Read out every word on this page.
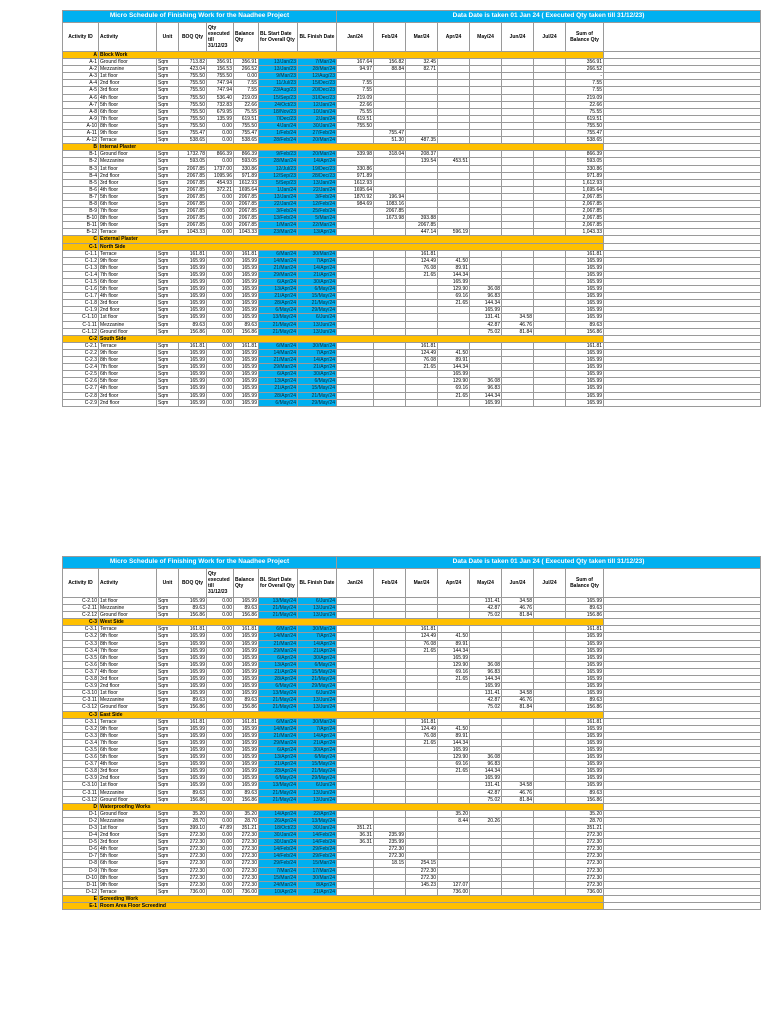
Micro Schedule of Finishing Work for the Naadhee Project								Data Date is taken 01 Jan 24 ( Executed Qty taken till 31/12/23)								
Activity ID	Activity	Unit	BOQ Qty	Qty executed till 31/12/23	Balance Qty	BL Start Date for Overall Qty	BL Finish Date	Jan/24	Feb/24	Mar/24	Apr/24	May/24	Jun/24	Jul/24	Sum of Balance Qty	
A	Block Work															
A-1	Ground floor	Sqm	713.82	356.91	356.91	13/Jan/23	7/Mar/24	167.64	156.82	32.45					356.91	
A-2	Mezzanine	Sqm	423.04	156.53	266.52	13/Jan/23	28/Mar/24	94.97	88.84	82.71					266.52	
A-3	1st floor	Sqm	755.50	755.50	0.00	9/Mar/23	12/Aug/23								-	
A-4	2nd floor	Sqm	755.50	747.94	7.55	11/Jul/23	15/Dec/23	7.55							7.55	
A-5	3rd floor	Sqm	755.50	747.94	7.55	23/Aug/23	20/Dec/23	7.55							7.55	
A-6	4th floor	Sqm	755.50	536.40	219.09	15/Sep/23	31/Dec/23	219.09							219.09	
A-7	5th floor	Sqm	755.50	732.83	22.66	24/Oct/23	12/Jan/24	22.66							22.66	
A-8	6th floor	Sqm	755.50	679.95	75.55	18/Nov/23	10/Jan/24	75.55							75.55	
A-9	7th floor	Sqm	755.50	135.99	619.51	7/Dec/23	2/Jan/24	619.51							619.51	
A-10	8th floor	Sqm	755.50	0.00	755.50	4/Jan/24	30/Jan/24	755.50							755.50	
A-11	9th floor	Sqm	755.47	0.00	755.47	1/Feb/24	27/Feb/24		755.47						755.47	
A-12	Terrace	Sqm	538.65	0.00	538.65	28/Feb/24	20/Mar/24		51.30	487.35					538.65	
B	Internal Plaster															
B-1	Ground floor	Sqm	1732.78	866.39	866.39	9/Feb/23	20/Mar/24	339.98	318.04	208.37					866.39	
B-2	Mezzanine	Sqm	593.05	0.00	593.05	28/Mar/24	14/Apr/24			139.54	453.51				593.05	
B-3	1st floor	Sqm	2067.85	1737.00	330.86	12/Jul/23	19/Dec/23	330.86							330.86	
B-4	2nd floor	Sqm	2067.85	1095.96	971.89	12/Sep/23	28/Dec/23	971.89							971.89	
B-5	3rd floor	Sqm	2067.85	454.93	1612.93	5/Sep/23	13/Jan/24	1612.93							1,612.93	
B-6	4th floor	Sqm	2067.85	372.21	1695.64	1/Jan/24	22/Jan/24	1695.64							1,695.64	
B-7	5th floor	Sqm	2067.85	0.00	2067.85	13/Jan/24	3/Feb/24	1870.92	196.94						2,067.85	
B-8	6th floor	Sqm	2067.85	0.00	2067.85	22/Jan/24	12/Feb/24	984.69	1083.16						2,067.85	
B-9	7th floor	Sqm	2067.85	0.00	2067.85	3/Feb/24	25/Feb/24		2067.85						2,067.85	
B-10	8th floor	Sqm	2067.85	0.00	2067.85	13/Feb/24	5/Mar/24		1673.98	393.88					2,067.85	
B-11	9th floor	Sqm	2067.85	0.00	2067.85	1/Mar/24	22/Mar/24			2067.85					2,067.85	
B-12	Terrace	Sqm	1043.33	0.00	1043.33	23/Mar/24	13/Apr/24			447.14	596.19				1,043.33	
C	External Plaster															
C-1	North Side															
C-1.1	Terrace	Sqm	161.81	0.00	161.81	6/Mar/24	30/Mar/24			161.81					161.81	
C-1.2	9th floor	Sqm	165.99	0.00	165.99	14/Mar/24	7/Apr/24			124.49	41.50				165.99	
C-1.3	8th floor	Sqm	165.99	0.00	165.99	21/Mar/24	14/Apr/24			76.08	89.91				165.99	
C-1.4	7th floor	Sqm	165.99	0.00	165.99	29/Mar/24	21/Apr/24			21.65	144.34				165.99	
C-1.5	6th floor	Sqm	165.99	0.00	165.99	6/Apr/24	30/Apr/24				165.99				165.99	
C-1.6	5th floor	Sqm	165.99	0.00	165.99	13/Apr/24	6/May/24				129.90	36.08			165.99	
C-1.7	4th floor	Sqm	165.99	0.00	165.99	21/Apr/24	15/May/24				69.16	96.83			165.99	
C-1.8	3rd floor	Sqm	165.99	0.00	165.99	28/Apr/24	21/May/24				21.65	144.34			165.99	
C-1.9	2nd floor	Sqm	165.99	0.00	165.99	6/May/24	29/May/24					165.99			165.99	
C-1.10	1st floor	Sqm	165.99	0.00	165.99	13/May/24	6/Jun/24					131.41	34.58		165.99	
C-1.11	Mezzanine	Sqm	89.63	0.00	89.63	21/May/24	13/Jun/24					42.87	46.76		89.63	
C-1.12	Ground floor	Sqm	156.86	0.00	156.86	21/May/24	13/Jun/24					75.02	81.84		156.86	
C-2	South Side															
C-2.1	Terrace	Sqm	161.81	0.00	161.81	6/Mar/24	30/Mar/24			161.81					161.81	
C-2.2	9th floor	Sqm	165.99	0.00	165.99	14/Mar/24	7/Apr/24			124.49	41.50				165.99	
C-2.3	8th floor	Sqm	165.99	0.00	165.99	21/Mar/24	14/Apr/24			76.08	89.91				165.99	
C-2.4	7th floor	Sqm	165.99	0.00	165.99	29/Mar/24	21/Apr/24			21.65	144.34				165.99	
C-2.5	6th floor	Sqm	165.99	0.00	165.99	6/Apr/24	30/Apr/24				165.99				165.99	
C-2.6	5th floor	Sqm	165.99	0.00	165.99	13/Apr/24	6/May/24				129.90	36.08			165.99	
C-2.7	4th floor	Sqm	165.99	0.00	165.99	21/Apr/24	15/May/24				69.16	96.83			165.99	
C-2.8	3rd floor	Sqm	165.99	0.00	165.99	28/Apr/24	21/May/24				21.65	144.34			165.99	
C-2.9	2nd floor	Sqm	165.99	0.00	165.99	6/May/24	29/May/24					165.99			165.99	
Micro Schedule of Finishing Work for the Naadhee Project								Data Date is taken 01 Jan 24 ( Executed Qty taken till 31/12/23)								
Activity ID	Activity	Unit	BOQ Qty	Qty executed till 31/12/23	Balance Qty	BL Start Date for Overall Qty	BL Finish Date	Jan/24	Feb/24	Mar/24	Apr/24	May/24	Jun/24	Jul/24	Sum of Balance Qty	
C-2.10	1st floor	Sqm	165.99	0.00	165.99	13/May/24	6/Jun/24					131.41	34.58		165.99	
C-2.11	Mezzanine	Sqm	89.63	0.00	89.63	21/May/24	13/Jun/24					42.87	46.76		89.63	
C-2.12	Ground floor	Sqm	156.86	0.00	156.86	21/May/24	13/Jun/24					75.02	81.84		156.86	
C-3	West Side															
C-3.1	Terrace	Sqm	161.81	0.00	161.81	6/Mar/24	30/Mar/24			161.81					161.81	
C-3.2	9th floor	Sqm	165.99	0.00	165.99	14/Mar/24	7/Apr/24			124.49	41.50				165.99	
C-3.3	8th floor	Sqm	165.99	0.00	165.99	21/Mar/24	14/Apr/24			76.08	89.91				165.99	
C-3.4	7th floor	Sqm	165.99	0.00	165.99	29/Mar/24	21/Apr/24			21.65	144.34				165.99	
C-3.5	6th floor	Sqm	165.99	0.00	165.99	6/Apr/24	30/Apr/24				165.99				165.99	
C-3.6	5th floor	Sqm	165.99	0.00	165.99	13/Apr/24	6/May/24				129.90	36.08			165.99	
C-3.7	4th floor	Sqm	165.99	0.00	165.99	21/Apr/24	15/May/24				69.16	96.83			165.99	
C-3.8	3rd floor	Sqm	165.99	0.00	165.99	28/Apr/24	21/May/24				21.65	144.34			165.99	
C-3.9	2nd floor	Sqm	165.99	0.00	165.99	6/May/24	29/May/24					165.99			165.99	
C-3.10	1st floor	Sqm	165.99	0.00	165.99	13/May/24	6/Jun/24					131.41	34.58		165.99	
C-3.11	Mezzanine	Sqm	89.63	0.00	89.63	21/May/24	13/Jun/24					42.87	46.76		89.63	
C-3.12	Ground floor	Sqm	156.86	0.00	156.86	21/May/24	13/Jun/24					75.02	81.84		156.86	
C-3	East Side															
C-3.1	Terrace	Sqm	161.81	0.00	161.81	6/Mar/24	30/Mar/24			161.81					161.81	
C-3.2	9th floor	Sqm	165.99	0.00	165.99	14/Mar/24	7/Apr/24			124.49	41.50				165.99	
C-3.3	8th floor	Sqm	165.99	0.00	165.99	21/Mar/24	14/Apr/24			76.08	89.91				165.99	
C-3.4	7th floor	Sqm	165.99	0.00	165.99	29/Mar/24	21/Apr/24			21.65	144.34				165.99	
C-3.5	6th floor	Sqm	165.99	0.00	165.99	6/Apr/24	30/Apr/24				165.99				165.99	
C-3.6	5th floor	Sqm	165.99	0.00	165.99	13/Apr/24	6/May/24				129.90	36.08			165.99	
C-3.7	4th floor	Sqm	165.99	0.00	165.99	21/Apr/24	15/May/24				69.16	96.83			165.99	
C-3.8	3rd floor	Sqm	165.99	0.00	165.99	28/Apr/24	21/May/24				21.65	144.34			165.99	
C-3.9	2nd floor	Sqm	165.99	0.00	165.99	6/May/24	29/May/24					165.99			165.99	
C-3.10	1st floor	Sqm	165.99	0.00	165.99	13/May/24	6/Jun/24					131.41	34.58		165.99	
C-3.11	Mezzanine	Sqm	89.63	0.00	89.63	21/May/24	13/Jun/24					42.87	46.76		89.63	
C-3.12	Ground floor	Sqm	156.86	0.00	156.86	21/May/24	13/Jun/24					75.02	81.84		156.86	
D	Waterproofing Works															
D-1	Ground floor	Sqm	35.20	0.00	35.20	14/Apr/24	22/Apr/24				35.20				35.20	
D-2	Mezzanine	Sqm	28.70	0.00	28.70	26/Apr/24	13/May/24				8.44	20.26			28.70	
D-3	1st floor	Sqm	399.10	47.89	351.21	18/Oct/23	30/Jan/24	351.21							351.21	
D-4	2nd floor	Sqm	272.30	0.00	272.30	30/Jan/24	14/Feb/24	36.31	235.99						272.30	
D-5	3rd floor	Sqm	272.30	0.00	272.30	30/Jan/24	14/Feb/24	36.31	235.99						272.30	
D-6	4th floor	Sqm	272.30	0.00	272.30	14/Feb/24	29/Feb/24		272.30						272.30	
D-7	5th floor	Sqm	272.30	0.00	272.30	14/Feb/24	29/Feb/24		272.30						272.30	
D-8	6th floor	Sqm	272.30	0.00	272.30	29/Feb/24	15/Mar/24		18.15	254.15					272.30	
D-9	7th floor	Sqm	272.30	0.00	272.30	7/Mar/24	17/Mar/24			272.30					272.30	
D-10	8th floor	Sqm	272.30	0.00	272.30	15/Mar/24	30/Mar/24			272.30					272.30	
D-11	9th floor	Sqm	272.30	0.00	272.30	24/Mar/24	8/Apr/24			145.23	127.07				272.30	
D-12	Terrace	Sqm	736.00	0.00	736.00	10/Apr/24	21/Apr/24				736.00				736.00	
E	Screeding Work															
E-1	Room Area Floor Screedind															
